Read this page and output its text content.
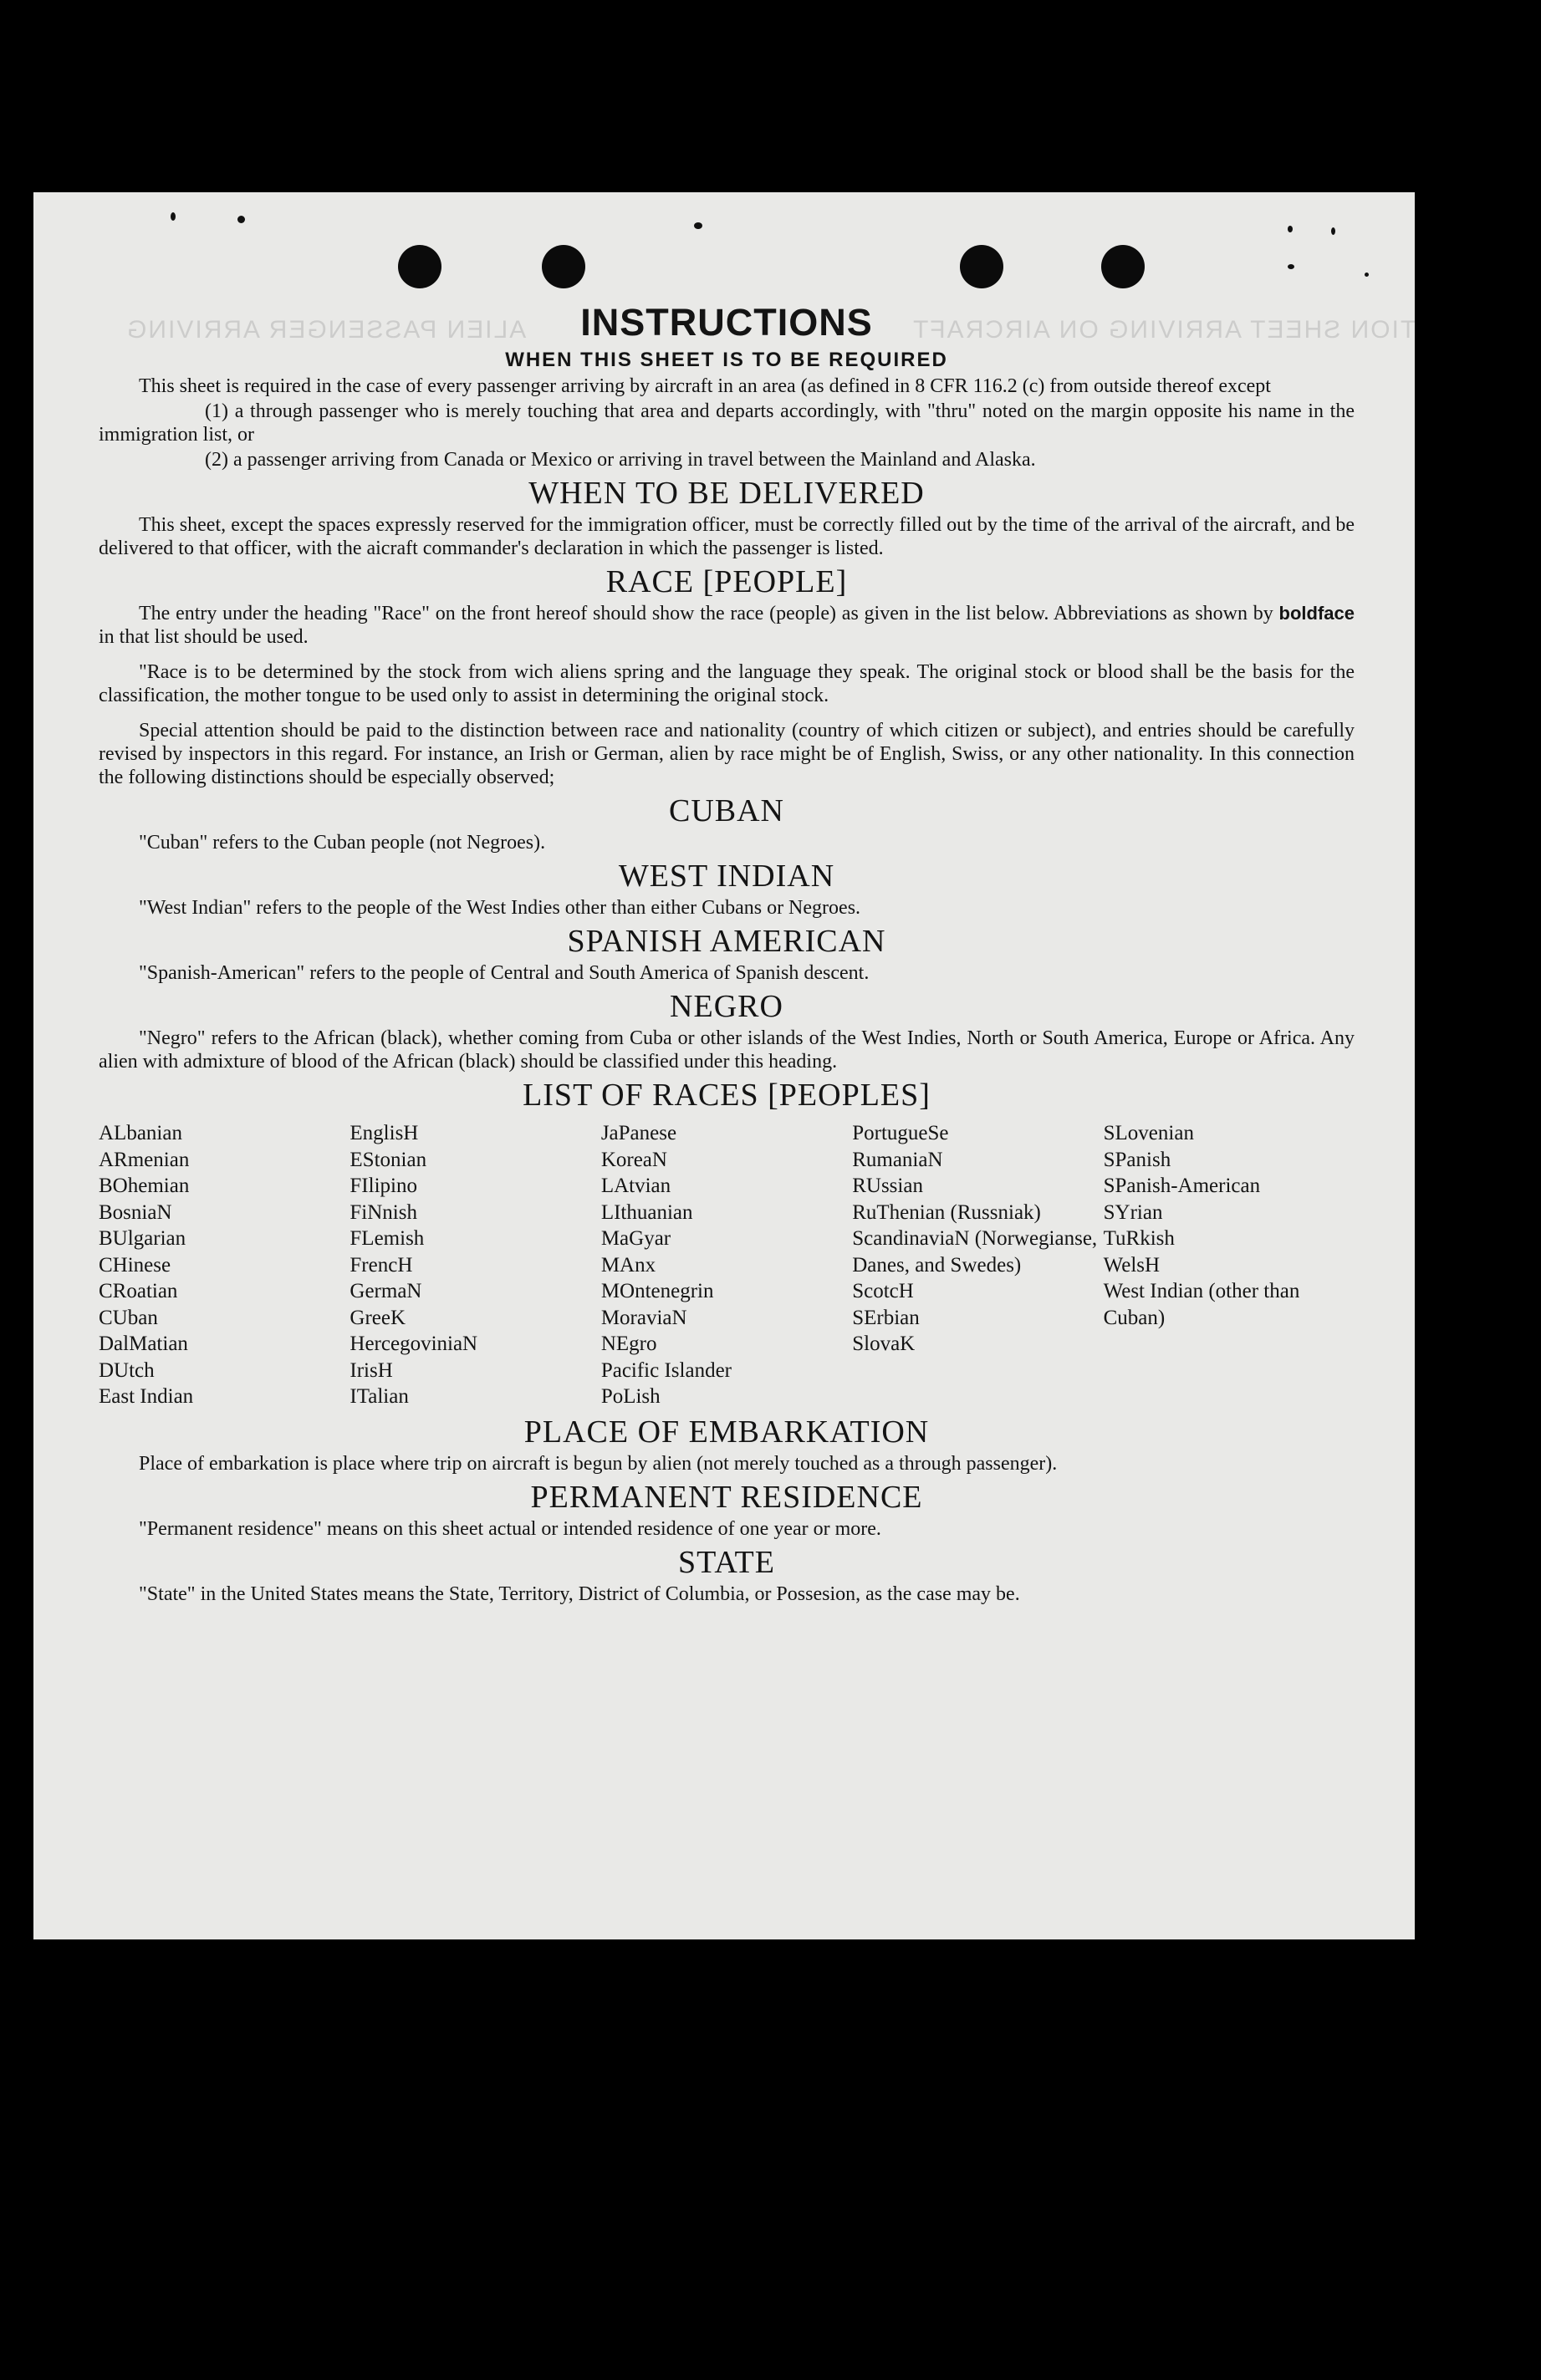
INFORMATION SHEET ARRIVING ON AIRCRAFT
ALIEN PASSENGER ARRIVING	INSTRUCTIONS
WHEN THIS SHEET IS TO BE REQUIRED

This sheet is required in the case of every passenger arriving by aircraft in an area (as defined in 8 CFR 116.2 (c) from outside thereof except

(1) a through passenger who is merely touching that area and departs accordingly, with "thru" noted on the margin opposite his name in the immigration list, or
(2) a passenger arriving from Canada or Mexico or arriving in travel between the Mainland and Alaska.
WHEN TO BE DELIVERED

This sheet, except the spaces expressly reserved for the immigration officer, must be correctly filled out by the time of the arrival of the aircraft, and be delivered to that officer, with the aicraft commander's declaration in which the passenger is listed.

RACE [PEOPLE]

The entry under the heading "Race" on the front hereof should show the race (people) as given in the list below. Abbreviations as shown by boldface in that list should be used.

"Race is to be determined by the stock from wich aliens spring and the language they speak. The original stock or blood shall be the basis for the classification, the mother tongue to be used only to assist in determining the original stock.

Special attention should be paid to the distinction between race and nationality (country of which citizen or subject), and entries should be carefully revised by inspectors in this regard. For instance, an Irish or German, alien by race might be of English, Swiss, or any other nationality. In this connection the following distinctions should be especially observed;

CUBAN

"Cuban" refers to the Cuban people (not Negroes).

WEST INDIAN

"West Indian" refers to the people of the West Indies other than either Cubans or Negroes.

SPANISH AMERICAN

"Spanish-American" refers to the people of Central and South America of Spanish descent.

NEGRO

"Negro" refers to the African (black), whether coming from Cuba or other islands of the West Indies, North or South America, Europe or Africa. Any alien with admixture of blood of the African (black) should be classified under this heading.

LIST OF RACES [PEOPLES]
ALbanian
ARmenian
BOhemian
BosniaN
BUlgarian
CHinese
CRoatian
CUban
DalMatian
DUtch
East Indian
EnglisH
EStonian
FIlipino
FiNnish
FLemish
FrencH
GermaN
GreeK
HercegoviniaN
IrisH
ITalian
JaPanese
KoreaN
LAtvian
LIthuanian
MaGyar
MAnx
MOntenegrin
MoraviaN
NEgro
Pacific Islander
PoLish
PortugueSe
RumaniaN
RUssian
RuThenian (Russniak)
ScandinaviaN (Norwegianse, Danes, and Swedes)
ScotcH
SErbian
SlovaK
SLovenian
SPanish
SPanish-American
SYrian
TuRkish
WelsH
West Indian (other than Cuban)
PLACE OF EMBARKATION

Place of embarkation is place where trip on aircraft is begun by alien (not merely touched as a through passenger).

PERMANENT RESIDENCE

"Permanent residence" means on this sheet actual or intended residence of one year or more.

STATE

"State" in the United States means the State, Territory, District of Columbia, or Possesion, as the case may be.
